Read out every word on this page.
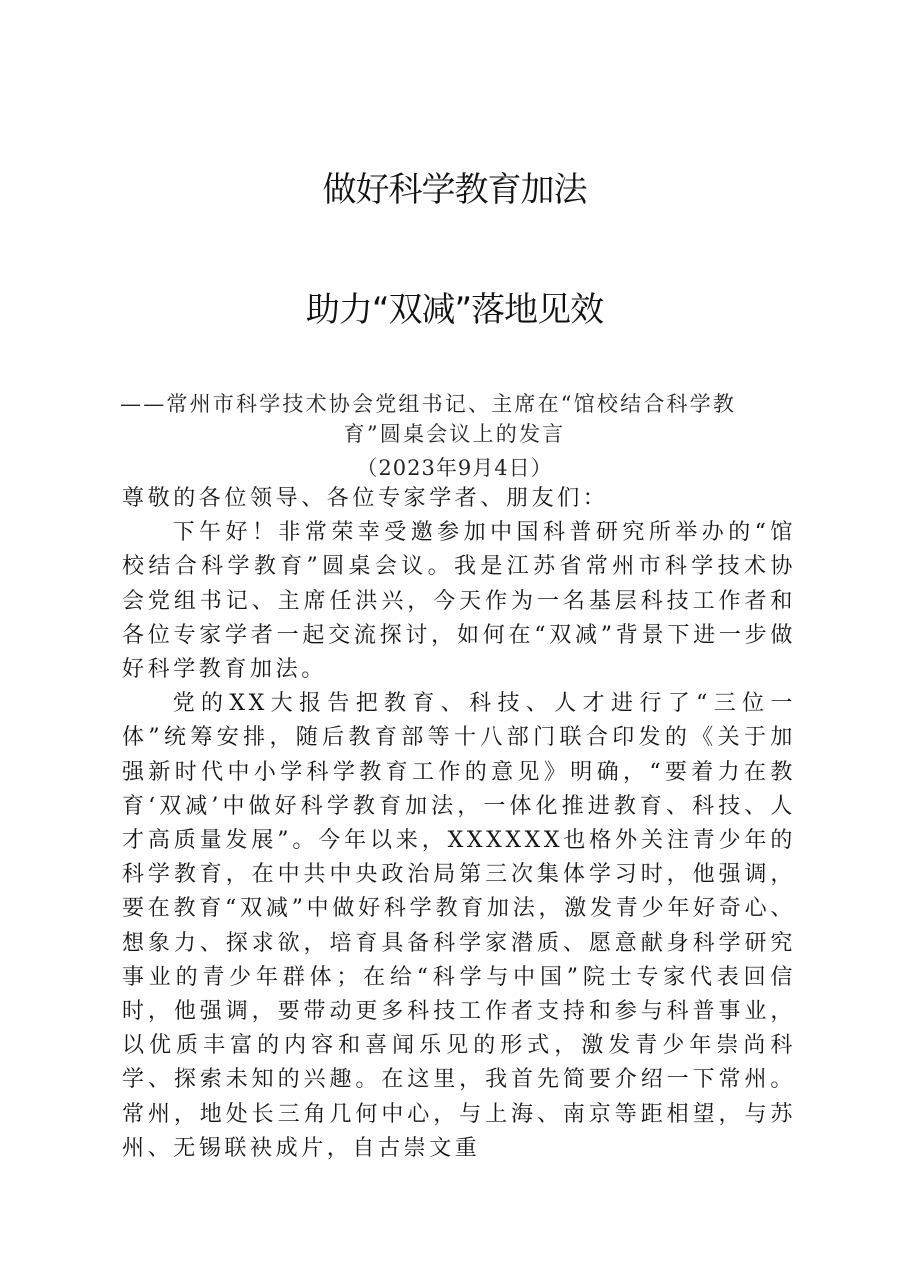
做好科学教育加法
助力“双减”落地见效
——常州市科学技术协会党组书记、主席在“馆校结合科学教
育”圆桌会议上的发言
（2023年9月4日）

尊敬的各位领导、各位专家学者、朋友们：

下午好！非常荣幸受邀参加中国科普研究所举办的“馆校结合科学教育”圆桌会议。我是江苏省常州市科学技术协会党组书记、主席任洪兴，今天作为一名基层科技工作者和各位专家学者一起交流探讨，如何在“双减”背景下进一步做好科学教育加法。

党的XX大报告把教育、科技、人才进行了“三位一体”统筹安排，随后教育部等十八部门联合印发的《关于加强新时代中小学科学教育工作的意见》明确，“要着力在教育‘双减’中做好科学教育加法，一体化推进教育、科技、人才高质量发展”。今年以来，XXXXXX也格外关注青少年的科学教育，在中共中央政治局第三次集体学习时，他强调，要在教育“双减”中做好科学教育加法，激发青少年好奇心、想象力、探求欲，培育具备科学家潜质、愿意献身科学研究事业的青少年群体；在给“科学与中国”院士专家代表回信时，他强调，要带动更多科技工作者支持和参与科普事业，以优质丰富的内容和喜闻乐见的形式，激发青少年崇尚科学、探索未知的兴趣。在这里，我首先简要介绍一下常州。常州，地处长三角几何中心，与上海、南京等距相望，与苏州、无锡联袂成片，自古崇文重
